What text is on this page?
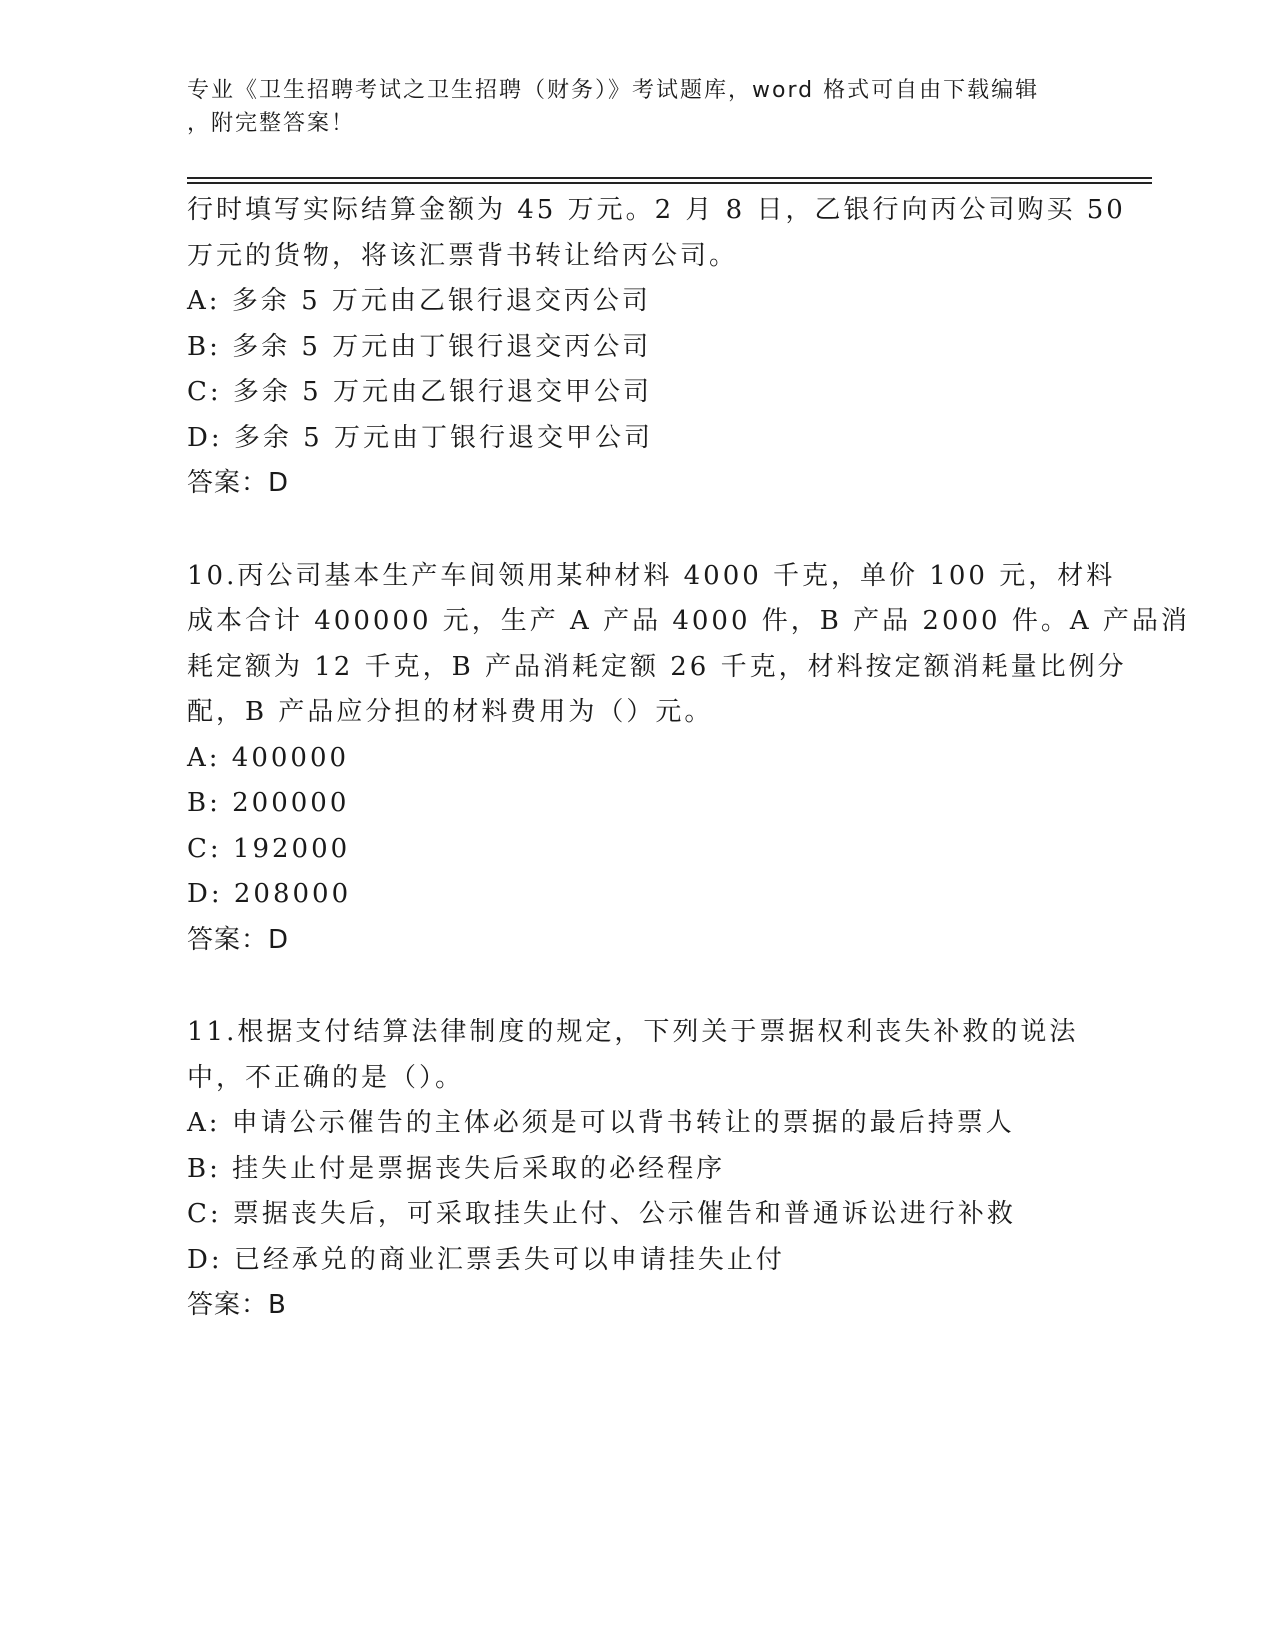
专业《卫生招聘考试之卫生招聘（财务）》考试题库，word 格式可自由下载编辑
，附完整答案！
行时填写实际结算金额为 45 万元。2 月 8 日，乙银行向丙公司购买 50
万元的货物，将该汇票背书转让给丙公司。
A: 多余 5 万元由乙银行退交丙公司
B: 多余 5 万元由丁银行退交丙公司
C: 多余 5 万元由乙银行退交甲公司
D: 多余 5 万元由丁银行退交甲公司
答案：D
10.丙公司基本生产车间领用某种材料 4000 千克，单价 100 元，材料
成本合计 400000 元，生产 A 产品 4000 件，B 产品 2000 件。A 产品消
耗定额为 12 千克，B 产品消耗定额 26 千克，材料按定额消耗量比例分
配，B 产品应分担的材料费用为（）元。
A: 400000
B: 200000
C: 192000
D: 208000
答案：D
11.根据支付结算法律制度的规定，下列关于票据权利丧失补救的说法
中，不正确的是（）。
A: 申请公示催告的主体必须是可以背书转让的票据的最后持票人
B: 挂失止付是票据丧失后采取的必经程序
C: 票据丧失后，可采取挂失止付、公示催告和普通诉讼进行补救
D: 已经承兑的商业汇票丢失可以申请挂失止付
答案：B
